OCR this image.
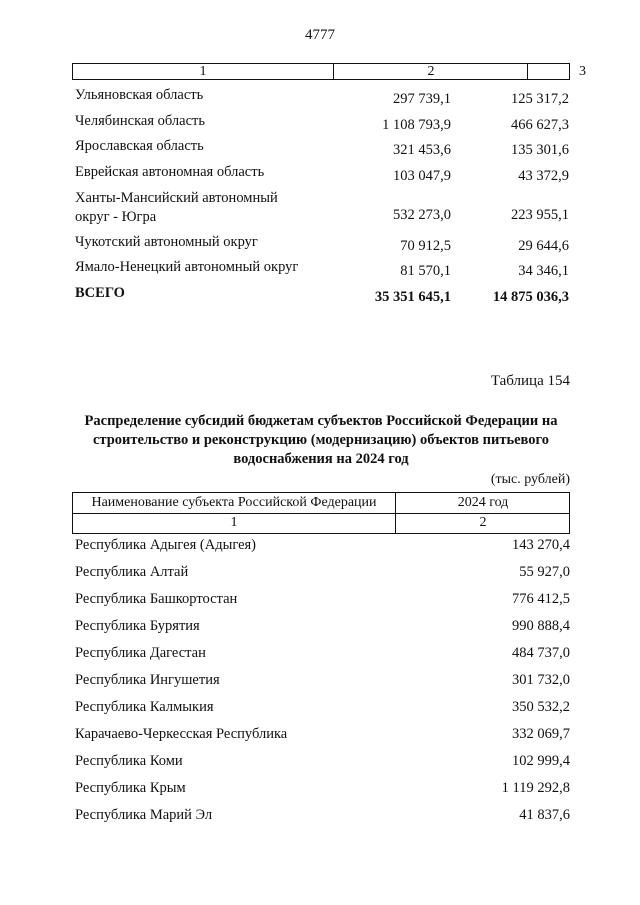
4777
1	2	3
Ульяновская область	297 739,1	125 317,2
Челябинская область	1 108 793,9	466 627,3
Ярославская область	321 453,6	135 301,6
Еврейская автономная область	103 047,9	43 372,9
Ханты-Мансийский автономный округ - Югра	532 273,0	223 955,1
Чукотский автономный округ	70 912,5	29 644,6
Ямало-Ненецкий автономный округ	81 570,1	34 346,1
ВСЕГО	35 351 645,1	14 875 036,3
Таблица 154
Распределение субсидий бюджетам субъектов Российской Федерации на строительство и реконструкцию (модернизацию) объектов питьевого водоснабжения на 2024 год
(тыс. рублей)
Наименование субъекта Российской Федерации	2024 год
1	2
Республика Адыгея (Адыгея)	143 270,4
Республика Алтай	55 927,0
Республика Башкортостан	776 412,5
Республика Бурятия	990 888,4
Республика Дагестан	484 737,0
Республика Ингушетия	301 732,0
Республика Калмыкия	350 532,2
Карачаево-Черкесская Республика	332 069,7
Республика Коми	102 999,4
Республика Крым	1 119 292,8
Республика Марий Эл	41 837,6
